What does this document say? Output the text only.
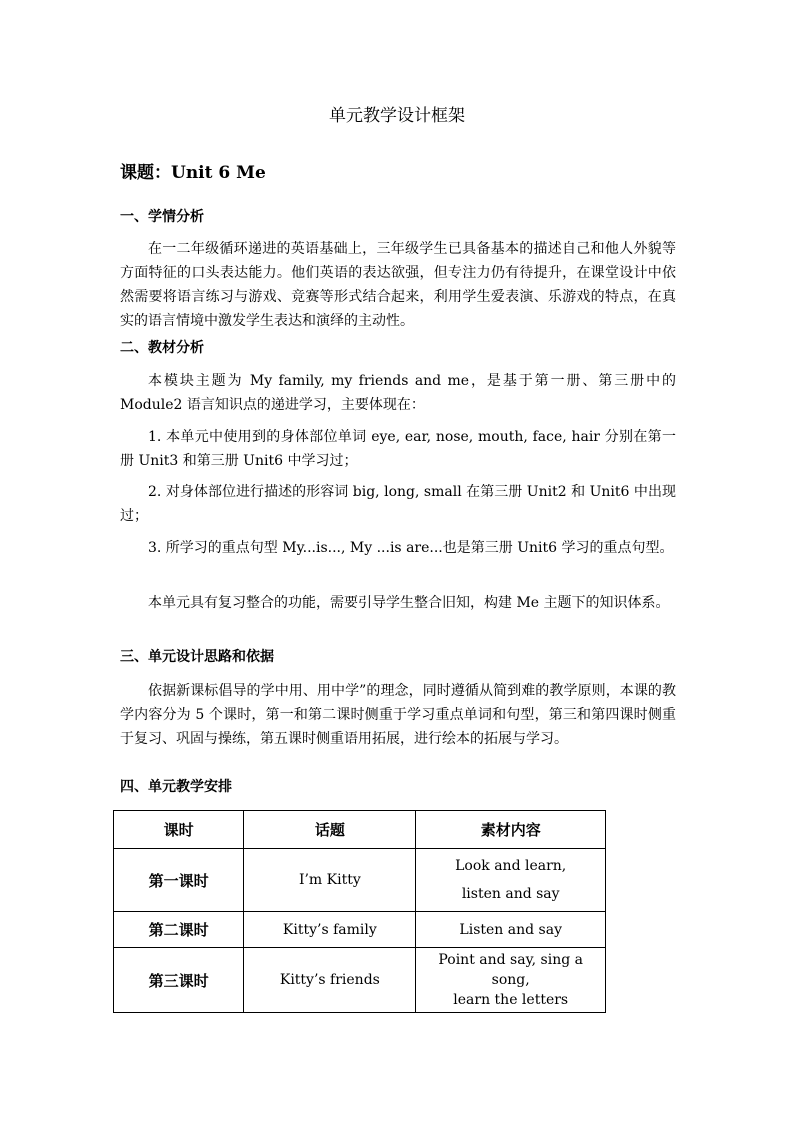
单元教学设计框架
课题：Unit 6 Me
一、学情分析

在一二年级循环递进的英语基础上，三年级学生已具备基本的描述自己和他人外貌等方面特征的口头表达能力。他们英语的表达欲强，但专注力仍有待提升，在课堂设计中依然需要将语言练习与游戏、竞赛等形式结合起来，利用学生爱表演、乐游戏的特点，在真实的语言情境中激发学生表达和演绎的主动性。

二、教材分析

本模块主题为 My family, my friends and me，是基于第一册、第三册中的Module2 语言知识点的递进学习，主要体现在：

1. 本单元中使用到的身体部位单词 eye, ear, nose, mouth, face, hair 分别在第一册 Unit3 和第三册 Unit6 中学习过；

2. 对身体部位进行描述的形容词 big, long, small 在第三册 Unit2 和 Unit6 中出现过；

3. 所学习的重点句型 My...is..., My ...is are...也是第三册 Unit6 学习的重点句型。

本单元具有复习整合的功能，需要引导学生整合旧知，构建 Me 主题下的知识体系。

三、单元设计思路和依据

依据新课标倡导的学中用、用中学”的理念，同时遵循从简到难的教学原则，本课的教学内容分为 5 个课时，第一和第二课时侧重于学习重点单词和句型，第三和第四课时侧重于复习、巩固与操练，第五课时侧重语用拓展，进行绘本的拓展与学习。

四、单元教学安排
课时	话题	素材内容
第一课时	I’m Kitty	Look and learn,
listen and say

第二课时	Kitty’s family	Listen and say

第三课时	Kitty’s friends	Point and say, sing a song,
learn the letters
